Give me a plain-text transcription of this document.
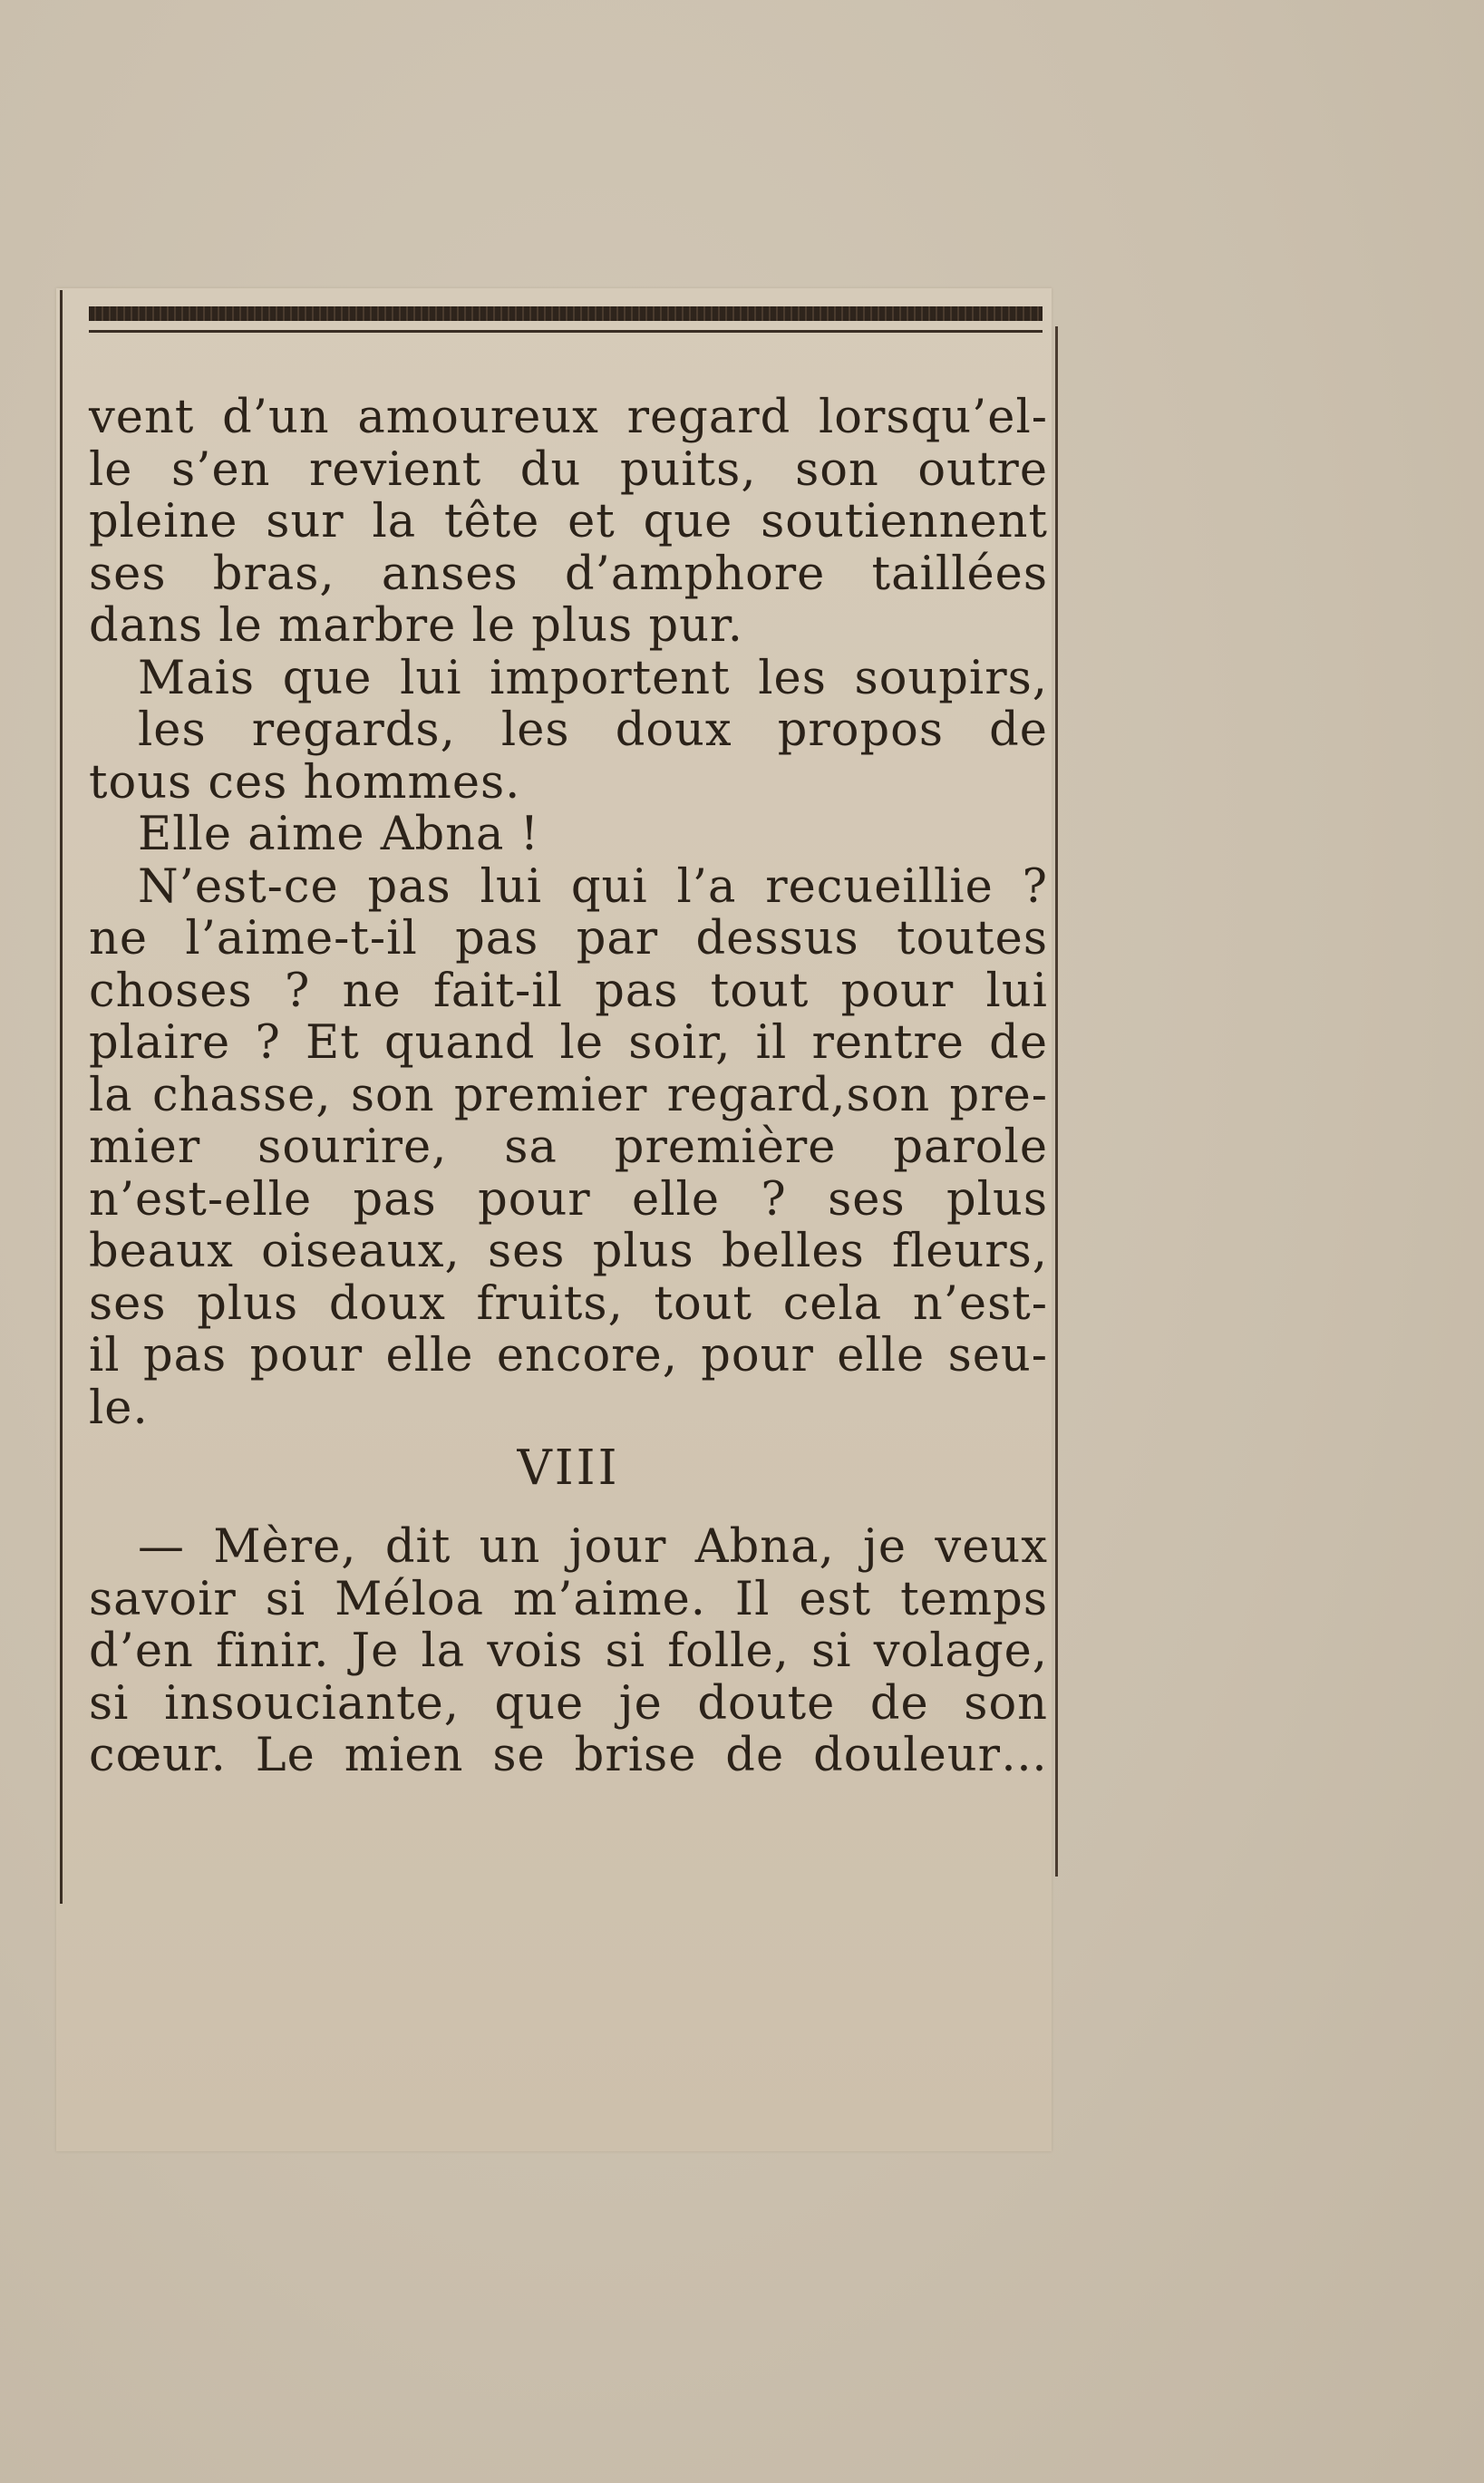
vent d’un amoureux regard lorsqu’el-
le s’en revient du puits, son outre
pleine sur la tête et que soutiennent
ses bras, anses d’amphore taillées
dans le marbre le plus pur.
Mais que lui importent les soupirs,
les regards, les doux propos de
tous ces hommes.
Elle aime Abna !
N’est-ce pas lui qui l’a recueillie ?
ne l’aime-t-il pas par dessus toutes
choses ? ne fait-il pas tout pour lui
plaire ? Et quand le soir, il rentre de
la chasse, son premier regard,son pre-
mier sourire, sa première parole
n’est-elle pas pour elle ? ses plus
beaux oiseaux, ses plus belles fleurs,
ses plus doux fruits, tout cela n’est-
il pas pour elle encore, pour elle seu-
le.
VIII
— Mère, dit un jour Abna, je veux
savoir si Méloa m’aime. Il est temps
d’en finir. Je la vois si folle, si volage,
si insouciante, que je doute de son
cœur. Le mien se brise de douleur…
